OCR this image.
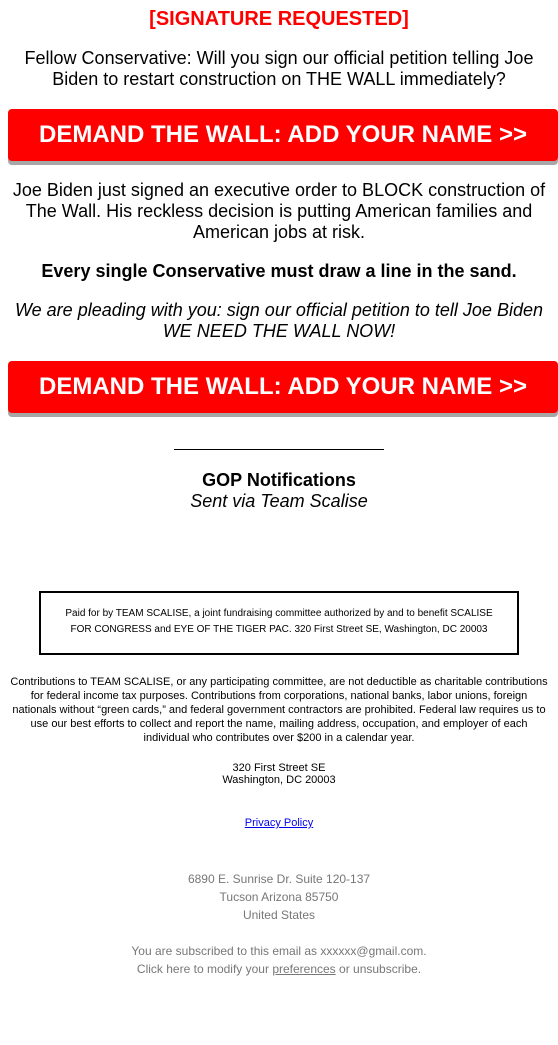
[SIGNATURE REQUESTED]

Fellow Conservative: Will you sign our official petition telling Joe Biden to restart construction on THE WALL immediately?

DEMAND THE WALL: ADD YOUR NAME >>

Joe Biden just signed an executive order to BLOCK construction of The Wall. His reckless decision is putting American families and American jobs at risk.

Every single Conservative must draw a line in the sand.

We are pleading with you: sign our official petition to tell Joe Biden WE NEED THE WALL NOW!

DEMAND THE WALL: ADD YOUR NAME >>
GOP Notifications
Sent via Team Scalise
Paid for by TEAM SCALISE, a joint fundraising committee authorized by and to benefit SCALISE FOR CONGRESS and EYE OF THE TIGER PAC. 320 First Street SE, Washington, DC 20003
Contributions to TEAM SCALISE, or any participating committee, are not deductible as charitable contributions for federal income tax purposes. Contributions from corporations, national banks, labor unions, foreign nationals without “green cards,” and federal government contractors are prohibited. Federal law requires us to use our best efforts to collect and report the name, mailing address, occupation, and employer of each individual who contributes over $200 in a calendar year.
320 First Street SE
Washington, DC 20003
Privacy Policy
6890 E. Sunrise Dr. Suite 120-137
Tucson Arizona 85750
United States
You are subscribed to this email as xxxxxx@gmail.com.
Click here to modify your preferences or unsubscribe.
